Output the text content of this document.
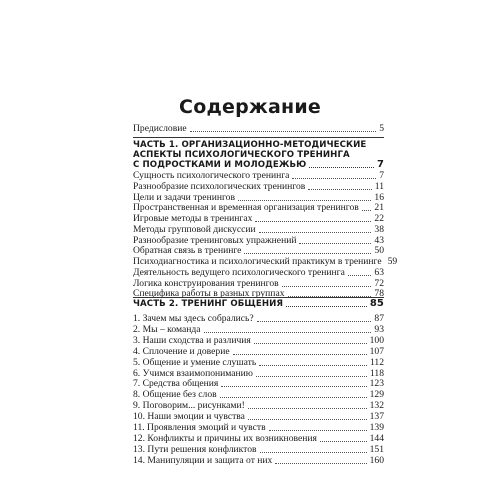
Содержание
Предисловие	5
ЧАСТЬ 1. ОРГАНИЗАЦИОННО-МЕТОДИЧЕСКИЕ
АСПЕКТЫ ПСИХОЛОГИЧЕСКОГО ТРЕНИНГА
С ПОДРОСТКАМИ И МОЛОДЕЖЬЮ	7
Сущность психологического тренинга	7
Разнообразие психологических тренингов	11
Цели и задачи тренингов	16
Пространственная и временная организация тренингов 21
Игровые методы в тренингах	22
Методы групповой дискуссии	38
Разнообразие тренинговых упражнений	43
Обратная связь в тренинге	50
Психодиагностика и психологический практикум в тренинге 59
Деятельность ведущего психологического тренинга	63
Логика конструирования тренингов	72
Специфика работы в разных группах	78
ЧАСТЬ 2. ТРЕНИНГ ОБЩЕНИЯ	85
1. Зачем мы здесь собрались?	87
2. Мы – команда	93
3. Наши сходства и различия	100
4. Сплочение и доверие	107
5. Общение и умение слушать	112
6. Учимся взаимопониманию	118
7. Средства общения	123
8. Общение без слов	129
9. Поговорим... рисунками!	132
10. Наши эмоции и чувства	137
11. Проявления эмоций и чувств	139
12. Конфликты и причины их возникновения	144
13. Пути решения конфликтов	151
14. Манипуляции и защита от них	160
